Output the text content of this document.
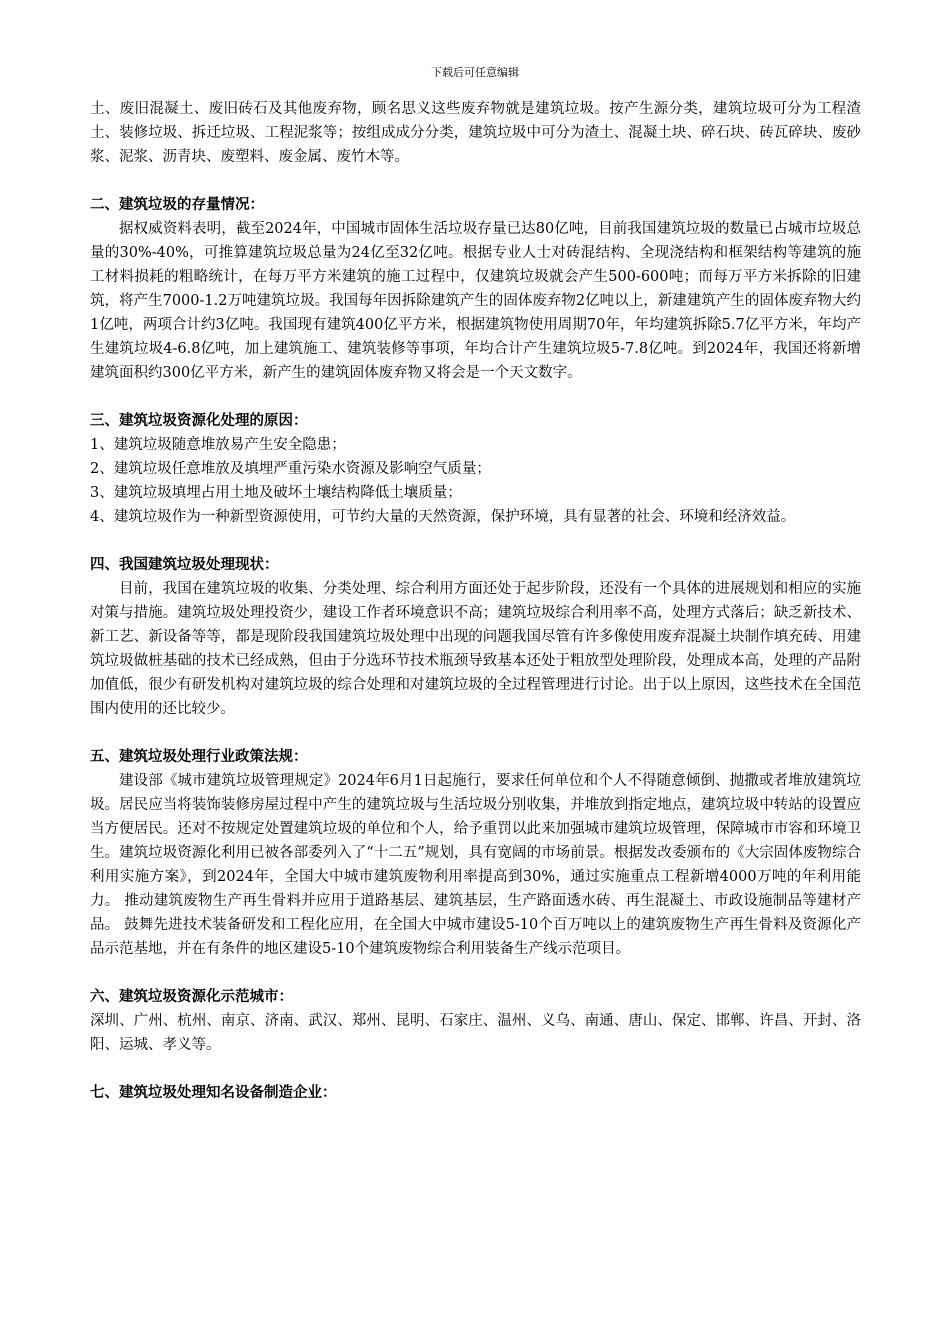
下载后可任意编辑

土、废旧混凝土、废旧砖石及其他废弃物，顾名思义这些废弃物就是建筑垃圾。按产生源分类，建筑垃圾可分为工程渣土、装修垃圾、拆迁垃圾、工程泥浆等；按组成成分分类，建筑垃圾中可分为渣土、混凝土块、碎石块、砖瓦碎块、废砂浆、泥浆、沥青块、废塑料、废金属、废竹木等。

二、建筑垃圾的存量情况：

据权威资料表明，截至2024年，中国城市固体生活垃圾存量已达80亿吨，目前我国建筑垃圾的数量已占城市垃圾总量的30%-40%，可推算建筑垃圾总量为24亿至32亿吨。根据专业人士对砖混结构、全现浇结构和框架结构等建筑的施工材料损耗的粗略统计，在每万平方米建筑的施工过程中，仅建筑垃圾就会产生500-600吨；而每万平方米拆除的旧建筑，将产生7000-1.2万吨建筑垃圾。我国每年因拆除建筑产生的固体废弃物2亿吨以上，新建建筑产生的固体废弃物大约1亿吨，两项合计约3亿吨。我国现有建筑400亿平方米，根据建筑物使用周期70年，年均建筑拆除5.7亿平方米，年均产生建筑垃圾4-6.8亿吨，加上建筑施工、建筑装修等事项，年均合计产生建筑垃圾5-7.8亿吨。到2024年，我国还将新增建筑面积约300亿平方米，新产生的建筑固体废弃物又将会是一个天文数字。

三、建筑垃圾资源化处理的原因：

1、建筑垃圾随意堆放易产生安全隐患；

2、建筑垃圾任意堆放及填埋严重污染水资源及影响空气质量；

3、建筑垃圾填埋占用土地及破坏土壤结构降低土壤质量；

4、建筑垃圾作为一种新型资源使用，可节约大量的天然资源，保护环境，具有显著的社会、环境和经济效益。

四、我国建筑垃圾处理现状：

目前，我国在建筑垃圾的收集、分类处理、综合利用方面还处于起步阶段，还没有一个具体的进展规划和相应的实施对策与措施。建筑垃圾处理投资少，建设工作者环境意识不高；建筑垃圾综合利用率不高，处理方式落后；缺乏新技术、新工艺、新设备等等，都是现阶段我国建筑垃圾处理中出现的问题我国尽管有许多像使用废弃混凝土块制作填充砖、用建筑垃圾做桩基础的技术已经成熟，但由于分选环节技术瓶颈导致基本还处于粗放型处理阶段，处理成本高，处理的产品附加值低，很少有研发机构对建筑垃圾的综合处理和对建筑垃圾的全过程管理进行讨论。出于以上原因，这些技术在全国范围内使用的还比较少。

五、建筑垃圾处理行业政策法规：

建设部《城市建筑垃圾管理规定》2024年6月1日起施行，要求任何单位和个人不得随意倾倒、抛撒或者堆放建筑垃圾。居民应当将装饰装修房屋过程中产生的建筑垃圾与生活垃圾分别收集，并堆放到指定地点，建筑垃圾中转站的设置应当方便居民。还对不按规定处置建筑垃圾的单位和个人，给予重罚以此来加强城市建筑垃圾管理，保障城市市容和环境卫生。建筑垃圾资源化利用已被各部委列入了“十二五”规划，具有宽阔的市场前景。根据发改委颁布的《大宗固体废物综合利用实施方案》，到2024年，全国大中城市建筑废物利用率提高到30%，通过实施重点工程新增4000万吨的年利用能力。 推动建筑废物生产再生骨料并应用于道路基层、建筑基层，生产路面透水砖、再生混凝土、市政设施制品等建材产品。 鼓舞先进技术装备研发和工程化应用，在全国大中城市建设5-10个百万吨以上的建筑废物生产再生骨料及资源化产品示范基地，并在有条件的地区建设5-10个建筑废物综合利用装备生产线示范项目。

六、建筑垃圾资源化示范城市：

深圳、广州、杭州、南京、济南、武汉、郑州、昆明、石家庄、温州、义乌、南通、唐山、保定、邯郸、许昌、开封、洛阳、运城、孝义等。

七、建筑垃圾处理知名设备制造企业：
